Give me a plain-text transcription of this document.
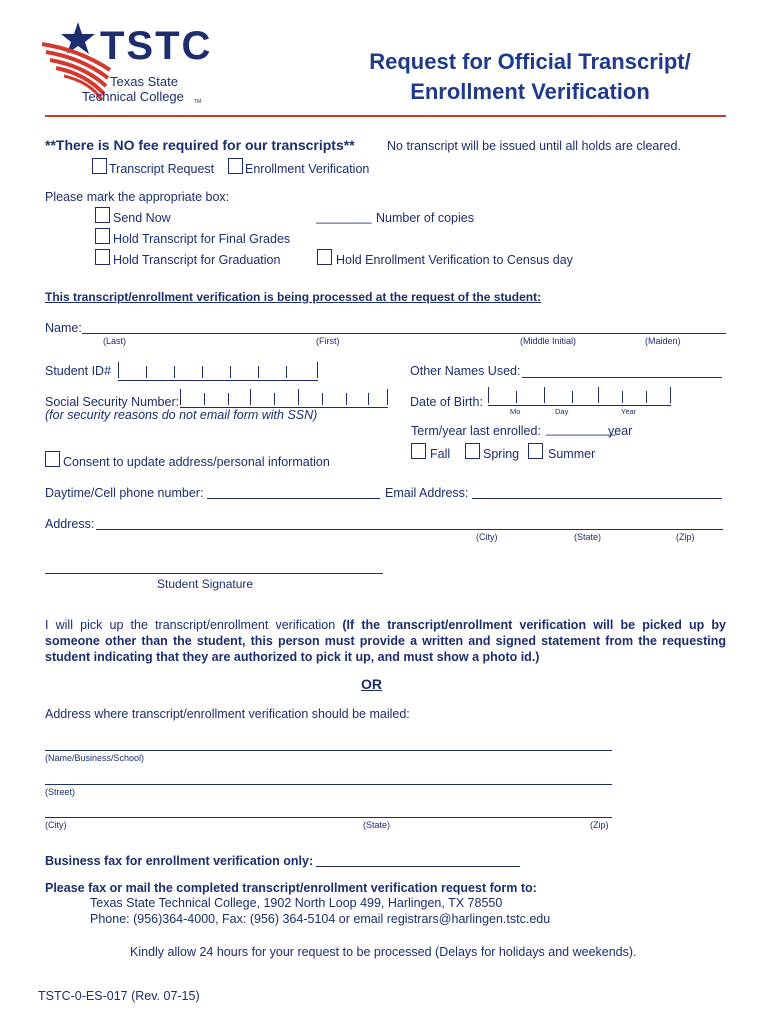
TSTC
Texas State
Technical College TM
Request for Official Transcript/
Enrollment Verification
**There is NO fee required for our transcripts**	No transcript will be issued until all holds are cleared.
Transcript Request Enrollment Verification
Please mark the appropriate box:
Send Now	________ Number of copies
Hold Transcript for Final Grades
Hold Transcript for Graduation	Hold Enrollment Verification to Census day
This transcript/enrollment verification is being processed at the request of the student:
Name:
(Last)	(First)	(Middle Initial)	(Maiden)
Student ID#	Other Names Used:
Social Security Number:
(for security reasons do not email form with SSN)
Date of Birth:
Mo	Day	Year
Term/year last enrolled: __________
year
Fall	Spring Summer
Consent to update address/personal information
Daytime/Cell phone number:	Email Address:
Address:
(City)	(State)	(Zip)
Student Signature
I will pick up the transcript/enrollment verification (If the transcript/enrollment verification will be picked up by someone other than the student, this person must provide a written and signed statement from the requesting student indicating that they are authorized to pick it up, and must show a photo id.)
OR
Address where transcript/enrollment verification should be mailed:
(Name/Business/School)
(Street)
(City)	(State)	(Zip)
Business fax for enrollment verification only:
Please fax or mail the completed transcript/enrollment verification request form to:
Texas State Technical College, 1902 North Loop 499, Harlingen, TX 78550
Phone: (956)364-4000, Fax: (956) 364-5104 or email registrars@harlingen.tstc.edu
Kindly allow 24 hours for your request to be processed (Delays for holidays and weekends).
TSTC-0-ES-017 (Rev. 07-15)
